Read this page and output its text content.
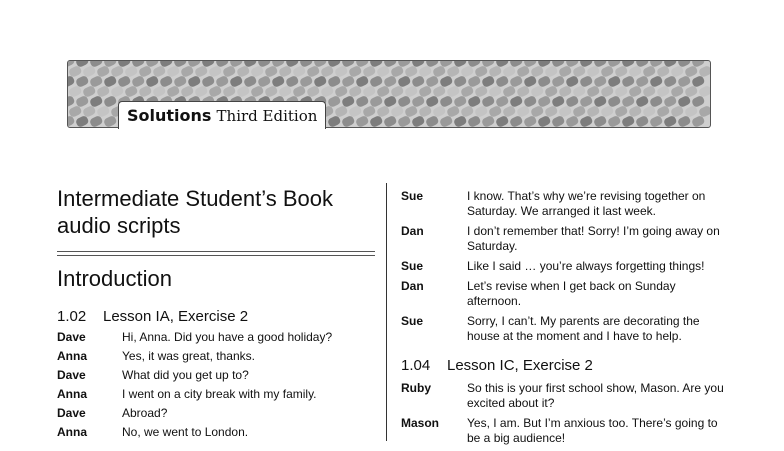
Solutions Third Edition
Intermediate Student’s Book
audio scripts
Introduction
1.02 Lesson IA, Exercise 2
Dave	Hi, Anna. Did you have a good holiday?
Anna	Yes, it was great, thanks.
Dave	What did you get up to?
Anna	I went on a city break with my family.
Dave	Abroad?
Anna	No, we went to London.
Sue	I know. That’s why we’re revising together on Saturday. We arranged it last week.
Dan	I don’t remember that! Sorry! I’m going away on Saturday.
Sue	Like I said … you’re always forgetting things!
Dan	Let’s revise when I get back on Sunday afternoon.
Sue	Sorry, I can’t. My parents are decorating the house at the moment and I have to help.
1.04 Lesson IC, Exercise 2
Ruby	So this is your first school show, Mason. Are you excited about it?
Mason	Yes, I am. But I’m anxious too. There’s going to be a big audience!
